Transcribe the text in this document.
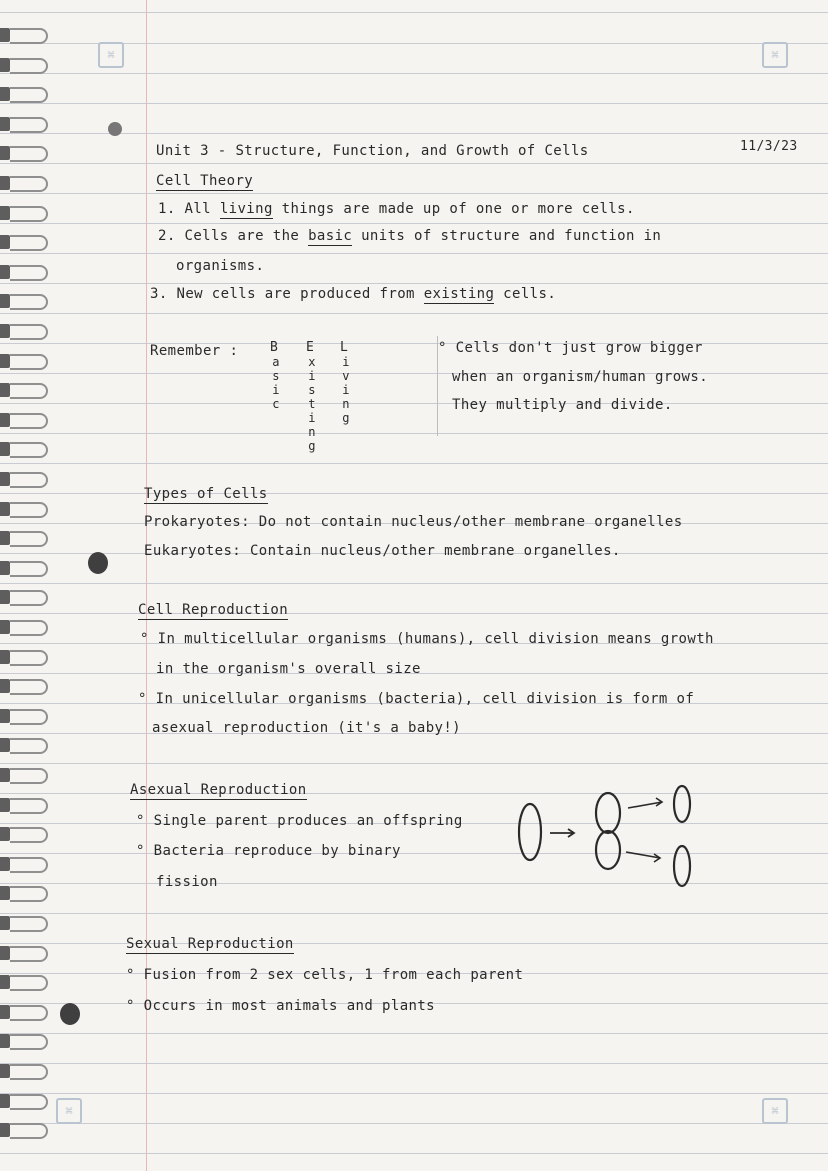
⌘	⌘
⌘	⌘
Unit 3 - Structure, Function, and Growth of Cells	11/3/23
Cell Theory
1. All living things are made up of one or more cells.
2. Cells are the basic units of structure and function in
organisms.
3. New cells are produced from existing cells.
Remember : B
asic
E
xisting
L
iving
° Cells don't just grow bigger
when an organism/human grows.
They multiply and divide.
Types of Cells
Prokaryotes: Do not contain nucleus/other membrane organelles
Eukaryotes: Contain nucleus/other membrane organelles.
Cell Reproduction
° In multicellular organisms (humans), cell division means growth
in the organism's overall size
° In unicellular organisms (bacteria), cell division is form of
asexual reproduction (it's a baby!)
Asexual Reproduction
° Single parent produces an offspring
° Bacteria reproduce by binary
fission
Sexual Reproduction
° Fusion from 2 sex cells, 1 from each parent
° Occurs in most animals and plants
